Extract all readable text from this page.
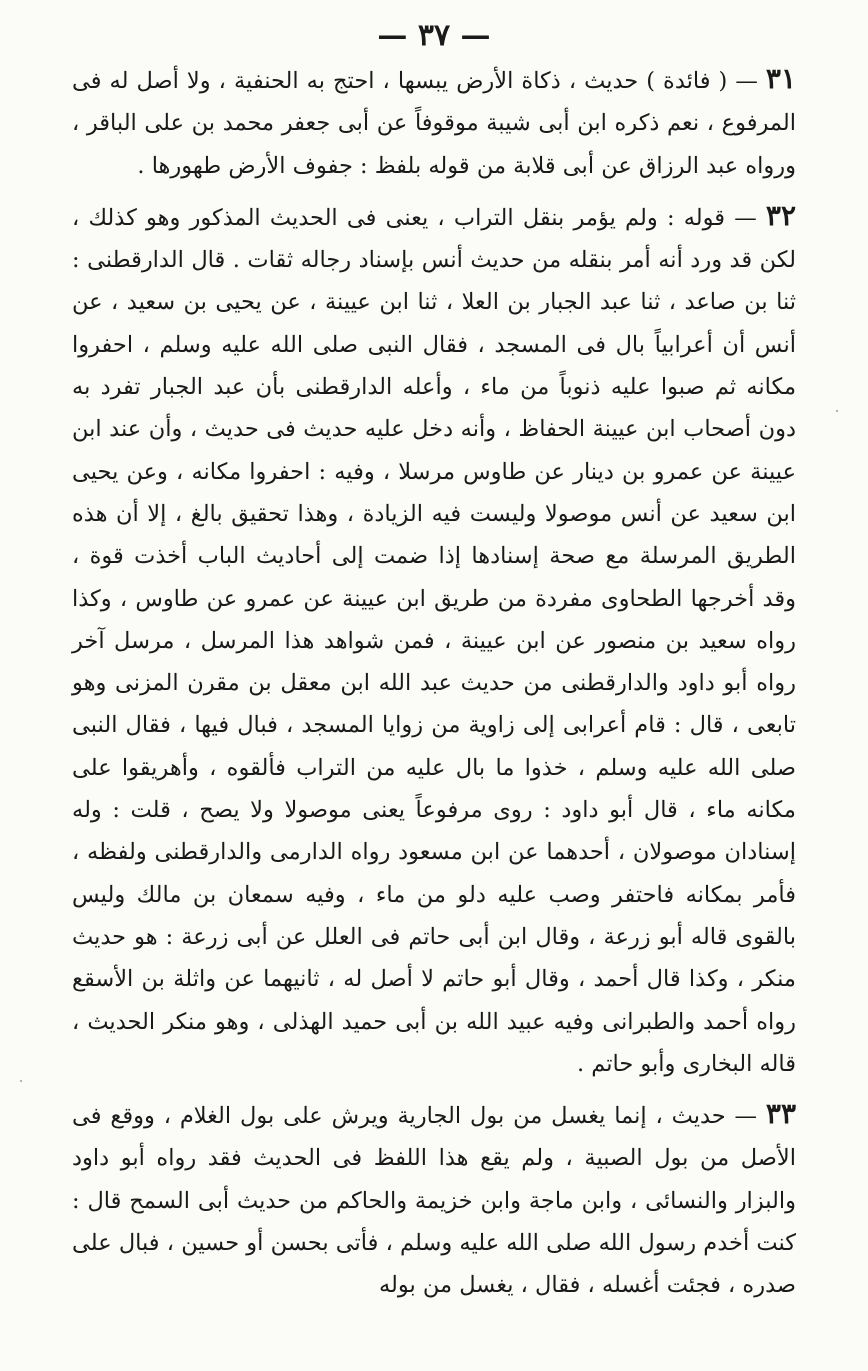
— ٣٧ —

٣١ — ( فائدة ) حديث ، ذكاة الأرض يبسها ، احتج به الحنفية ، ولا أصل له فى المرفوع ، نعم ذكره ابن أبى شيبة موقوفاً عن أبى جعفر محمد بن على الباقر ، ورواه عبد الرزاق عن أبى قلابة من قوله بلفظ : جفوف الأرض طهورها .

٣٢ — قوله : ولم يؤمر بنقل التراب ، يعنى فى الحديث المذكور وهو كذلك ، لكن قد ورد أنه أمر بنقله من حديث أنس بإسناد رجاله ثقات . قال الدارقطنى : ثنا بن صاعد ، ثنا عبد الجبار بن العلا ، ثنا ابن عيينة ، عن يحيى بن سعيد ، عن أنس أن أعرابياً بال فى المسجد ، فقال النبى صلى الله عليه وسلم ، احفروا مكانه ثم صبوا عليه ذنوباً من ماء ، وأعله الدارقطنى بأن عبد الجبار تفرد به دون أصحاب ابن عيينة الحفاظ ، وأنه دخل عليه حديث فى حديث ، وأن عند ابن عيينة عن عمرو بن دينار عن طاوس مرسلا ، وفيه : احفروا مكانه ، وعن يحيى ابن سعيد عن أنس موصولا وليست فيه الزيادة ، وهذا تحقيق بالغ ، إلا أن هذه الطريق المرسلة مع صحة إسنادها إذا ضمت إلى أحاديث الباب أخذت قوة ، وقد أخرجها الطحاوى مفردة من طريق ابن عيينة عن عمرو عن طاوس ، وكذا رواه سعيد بن منصور عن ابن عيينة ، فمن شواهد هذا المرسل ، مرسل آخر رواه أبو داود والدارقطنى من حديث عبد الله ابن معقل بن مقرن المزنى وهو تابعى ، قال : قام أعرابى إلى زاوية من زوايا المسجد ، فبال فيها ، فقال النبى صلى الله عليه وسلم ، خذوا ما بال عليه من التراب فألقوه ، وأهريقوا على مكانه ماء ، قال أبو داود : روى مرفوعاً يعنى موصولا ولا يصح ، قلت : وله إسنادان موصولان ، أحدهما عن ابن مسعود رواه الدارمى والدارقطنى ولفظه ، فأمر بمكانه فاحتفر وصب عليه دلو من ماء ، وفيه سمعان بن مالك وليس بالقوى قاله أبو زرعة ، وقال ابن أبى حاتم فى العلل عن أبى زرعة : هو حديث منكر ، وكذا قال أحمد ، وقال أبو حاتم لا أصل له ، ثانيهما عن واثلة بن الأسقع رواه أحمد والطبرانى وفيه عبيد الله بن أبى حميد الهذلى ، وهو منكر الحديث ، قاله البخارى وأبو حاتم .

٣٣ — حديث ، إنما يغسل من بول الجارية ويرش على بول الغلام ، ووقع فى الأصل من بول الصبية ، ولم يقع هذا اللفظ فى الحديث فقد رواه أبو داود والبزار والنسائى ، وابن ماجة وابن خزيمة والحاكم من حديث أبى السمح قال : كنت أخدم رسول الله صلى الله عليه وسلم ، فأتى بحسن أو حسين ، فبال على صدره ، فجئت أغسله ، فقال ، يغسل من بوله
